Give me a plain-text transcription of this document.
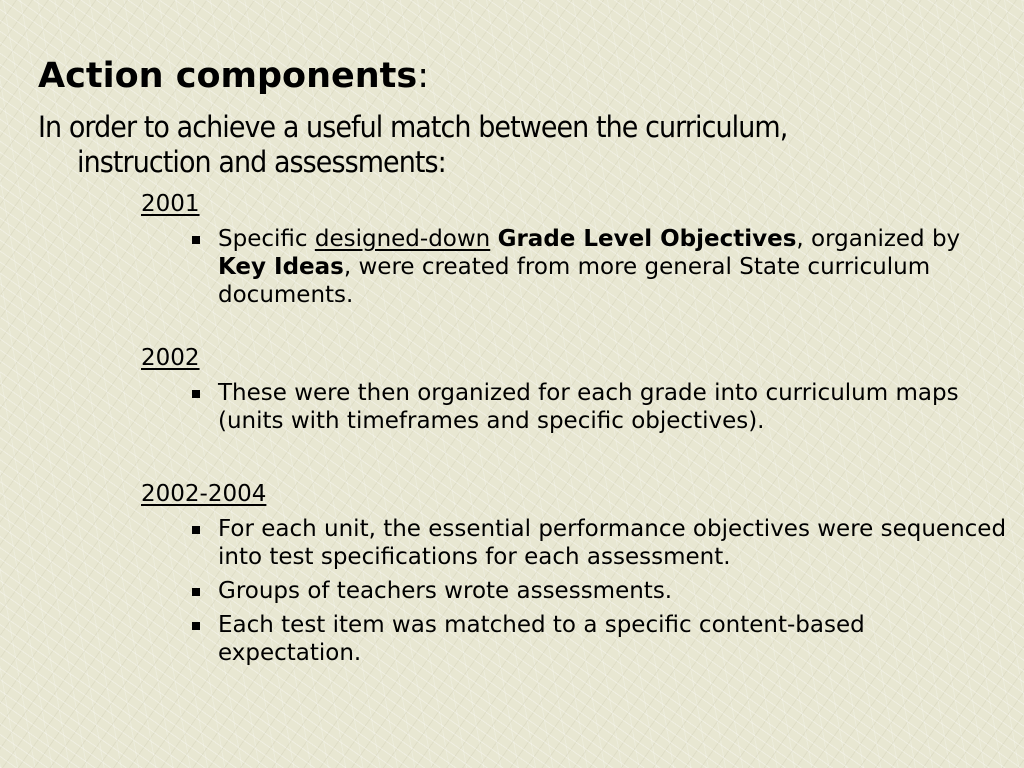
Action components:
In order to achieve a useful match between the curriculum,
instruction and assessments:
2001
Specific designed-down Grade Level Objectives, organized by Key Ideas, were created from more general State curriculum documents.
2002
These were then organized for each grade into curriculum maps (units with timeframes and specific objectives).
2002-2004
For each unit, the essential performance objectives were sequenced into test specifications for each assessment.
Groups of teachers wrote assessments.
Each test item was matched to a specific content-based expectation.
